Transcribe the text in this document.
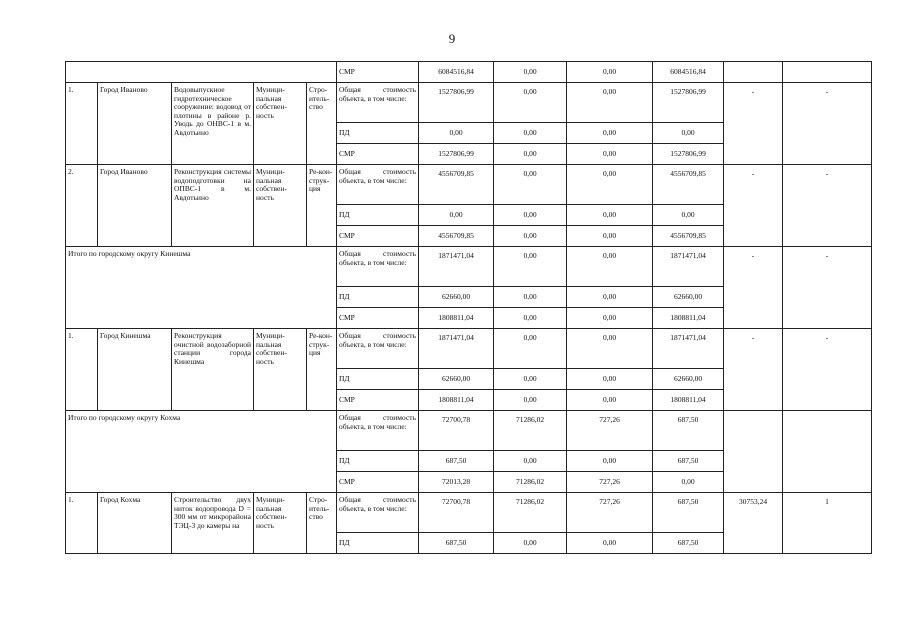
9
					СМР	6084516,84	0,00	0,00	6084516,84		
1.	Город Иваново	Водовыпускное гидротехническое сооружение: водовод от плотины в районе р. Уводь до ОНВС-1 в м. Авдотьино	Муници-пальная собствен-ность	Стро-итель-ство	Общая стоимость объекта, в том числе:	1527806,99	0,00	0,00	1527806,99	-	-
					ПД	0,00	0,00	0,00	0,00		
					СМР	1527806,99	0,00	0,00	1527806,99		
2.	Город Иваново	Реконструкция системы водоподготовки на ОПВС-1 в м. Авдотьино	Муници-пальная собствен-ность	Ре-кон-струк-ция	Общая стоимость объекта, в том числе:	4556709,85	0,00	0,00	4556709,85	-	-
					ПД	0,00	0,00	0,00	0,00		
					СМР	4556709,85	0,00	0,00	4556709,85		
Итого по городскому округу Кинешма					Общая стоимость объекта, в том числе:	1871471,04	0,00	0,00	1871471,04	-	-
					ПД	62660,00	0,00	0,00	62660,00		
					СМР	1808811,04	0,00	0,00	1808811,04		
1.	Город Кинешма	Реконструкция очистной водозаборной станции города Кинешма	Муници-пальная собствен-ность	Ре-кон-струк-ция	Общая стоимость объекта, в том числе:	1871471,04	0,00	0,00	1871471,04	-	-
					ПД	62660,00	0,00	0,00	62660,00		
					СМР	1808811,04	0,00	0,00	1808811,04		
Итого по городскому округу Кохма					Общая стоимость объекта, в том числе:	72700,78	71286,02	727,26	687,50		
					ПД	687,50	0,00	0,00	687,50		
					СМР	72013,28	71286,02	727,26	0,00		
1.	Город Кохма	Строительство двух ниток водопровода D = 300 мм от микрорайона ТЭЦ-3 до камеры на	Муници-пальная собствен-ность	Стро-итель-ство	Общая стоимость объекта, в том числе:	72700,78	71286,02	727,26	687,50	30753,24	1
					ПД	687,50	0,00	0,00	687,50		
